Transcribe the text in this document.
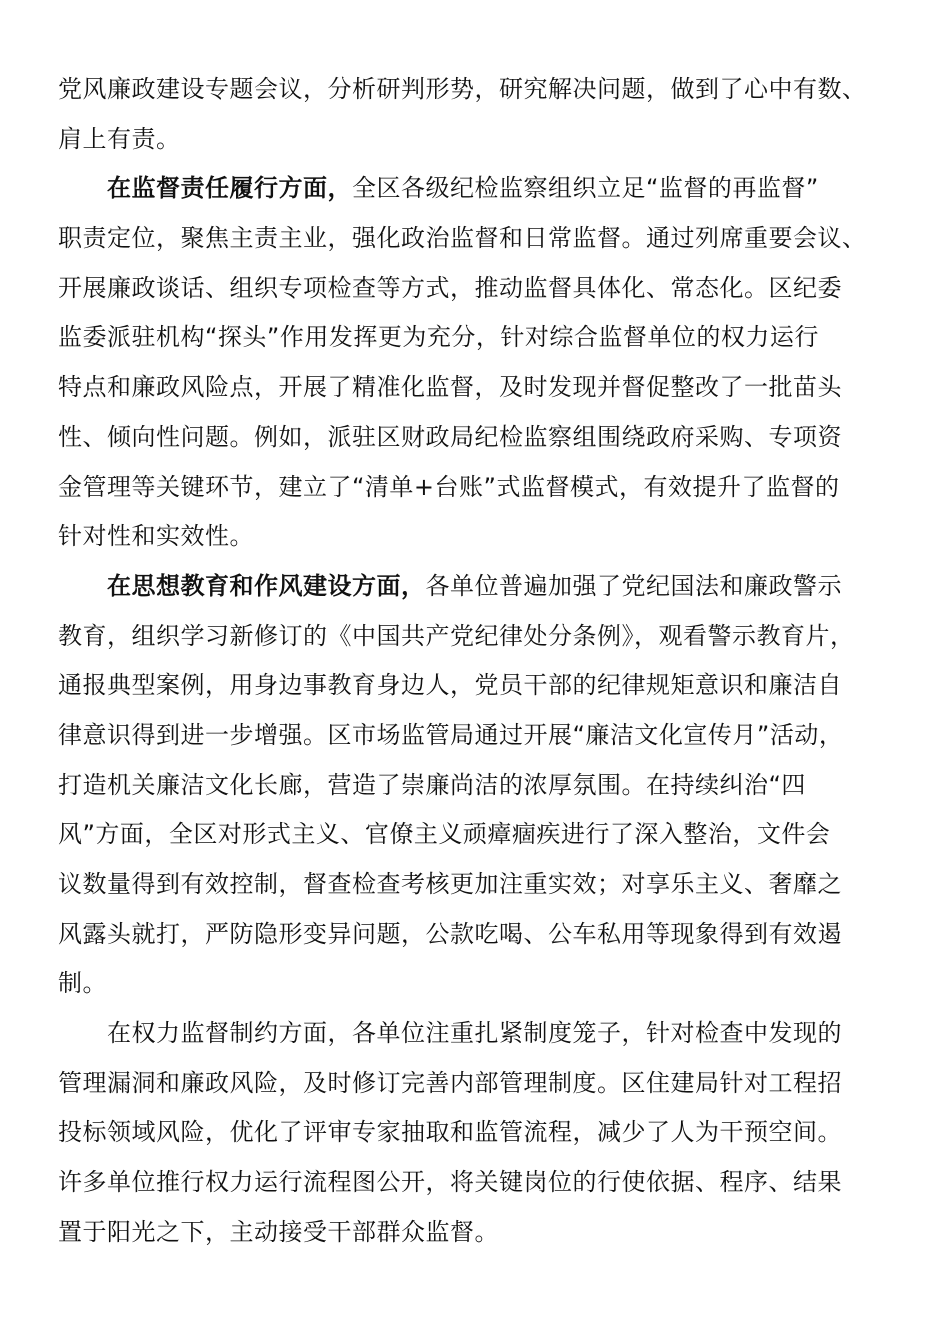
党风廉政建设专题会议，分析研判形势，研究解决问题，做到了心中有数、
肩上有责。
在监督责任履行方面，全区各级纪检监察组织立足“监督的再监督”
职责定位，聚焦主责主业，强化政治监督和日常监督。通过列席重要会议、
开展廉政谈话、组织专项检查等方式，推动监督具体化、常态化。区纪委
监委派驻机构“探头”作用发挥更为充分，针对综合监督单位的权力运行
特点和廉政风险点，开展了精准化监督，及时发现并督促整改了一批苗头
性、倾向性问题。例如，派驻区财政局纪检监察组围绕政府采购、专项资
金管理等关键环节，建立了“清单+台账”式监督模式，有效提升了监督的
针对性和实效性。
在思想教育和作风建设方面，各单位普遍加强了党纪国法和廉政警示
教育，组织学习新修订的《中国共产党纪律处分条例》，观看警示教育片，
通报典型案例，用身边事教育身边人，党员干部的纪律规矩意识和廉洁自
律意识得到进一步增强。区市场监管局通过开展“廉洁文化宣传月”活动，
打造机关廉洁文化长廊，营造了崇廉尚洁的浓厚氛围。在持续纠治“四
风”方面，全区对形式主义、官僚主义顽瘴痼疾进行了深入整治，文件会
议数量得到有效控制，督查检查考核更加注重实效；对享乐主义、奢靡之
风露头就打，严防隐形变异问题，公款吃喝、公车私用等现象得到有效遏
制。
在权力监督制约方面，各单位注重扎紧制度笼子，针对检查中发现的
管理漏洞和廉政风险，及时修订完善内部管理制度。区住建局针对工程招
投标领域风险，优化了评审专家抽取和监管流程，减少了人为干预空间。
许多单位推行权力运行流程图公开，将关键岗位的行使依据、程序、结果
置于阳光之下，主动接受干部群众监督。
